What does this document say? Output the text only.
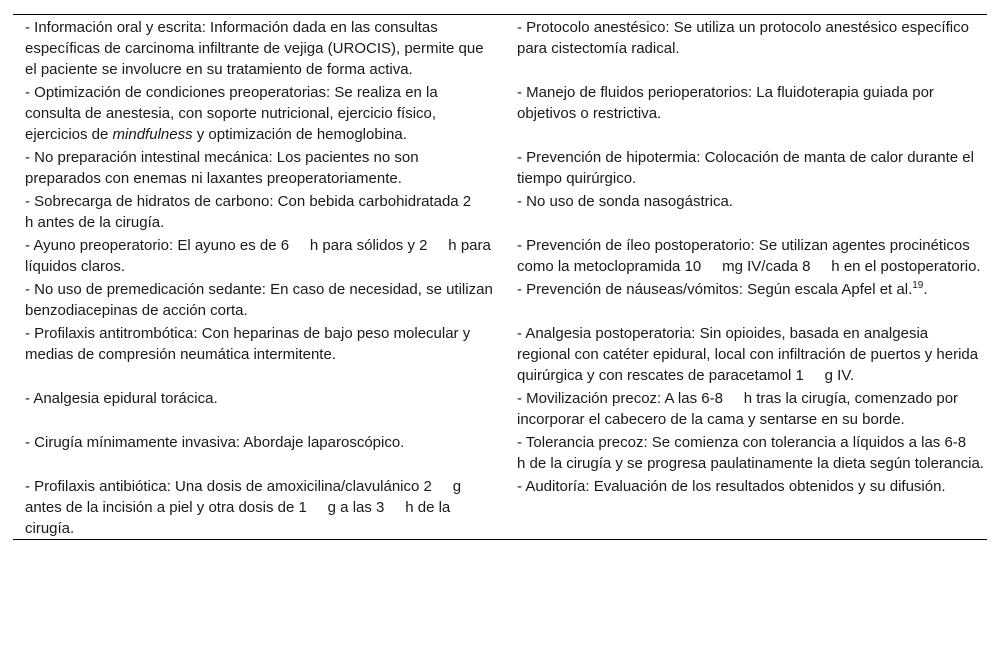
- Información oral y escrita: Información dada en las consultas específicas de carcinoma infiltrante de vejiga (UROCIS), permite que el paciente se involucre en su tratamiento de forma activa.	- Protocolo anestésico: Se utiliza un protocolo anestésico específico para cistectomía radical.
- Optimización de condiciones preoperatorias: Se realiza en la consulta de anestesia, con soporte nutricional, ejercicio físico, ejercicios de mindfulness y optimización de hemoglobina.	- Manejo de fluidos perioperatorios: La fluidoterapia guiada por objetivos o restrictiva.
- No preparación intestinal mecánica: Los pacientes no son preparados con enemas ni laxantes preoperatoriamente.	- Prevención de hipotermia: Colocación de manta de calor durante el tiempo quirúrgico.
- Sobrecarga de hidratos de carbono: Con bebida carbohidratada 2     h antes de la cirugía.	- No uso de sonda nasogástrica.
- Ayuno preoperatorio: El ayuno es de 6     h para sólidos y 2     h para líquidos claros.	- Prevención de íleo postoperatorio: Se utilizan agentes procinéticos como la metoclopramida 10     mg IV/cada 8     h en el postoperatorio.
- No uso de premedicación sedante: En caso de necesidad, se utilizan benzodiacepinas de acción corta.	- Prevención de náuseas/vómitos: Según escala Apfel et al.$^{19}$.
- Profilaxis antitrombótica: Con heparinas de bajo peso molecular y medias de compresión neumática intermitente.	- Analgesia postoperatoria: Sin opioides, basada en analgesia regional con catéter epidural, local con infiltración de puertos y herida quirúrgica y con rescates de paracetamol 1     g IV.
- Analgesia epidural torácica.	- Movilización precoz: A las 6-8     h tras la cirugía, comenzado por incorporar el cabecero de la cama y sentarse en su borde.
- Cirugía mínimamente invasiva: Abordaje laparoscópico.	- Tolerancia precoz: Se comienza con tolerancia a líquidos a las 6-8     h de la cirugía y se progresa paulatinamente la dieta según tolerancia.
- Profilaxis antibiótica: Una dosis de amoxicilina/clavulánico 2     g antes de la incisión a piel y otra dosis de 1     g a las 3     h de la cirugía.	- Auditoría: Evaluación de los resultados obtenidos y su difusión.
